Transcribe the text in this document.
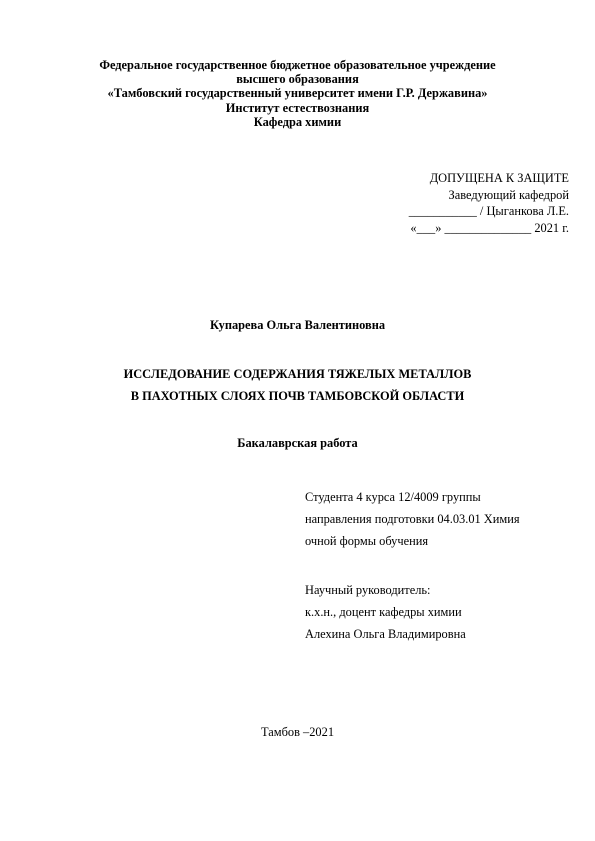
Федеральное государственное бюджетное образовательное учреждение
высшего образования
«Тамбовский государственный университет имени Г.Р. Державина»
Институт естествознания
Кафедра химии
ДОПУЩЕНА К ЗАЩИТЕ
Заведующий кафедрой
___________ / Цыганкова Л.Е.
«___» ______________ 2021 г.
Купарева Ольга Валентиновна
ИССЛЕДОВАНИЕ СОДЕРЖАНИЯ ТЯЖЕЛЫХ МЕТАЛЛОВ
В ПАХОТНЫХ СЛОЯХ ПОЧВ ТАМБОВСКОЙ ОБЛАСТИ
Бакалаврская работа
Студента 4 курса 12/4009 группы
направления подготовки 04.03.01 Химия
очной формы обучения
Научный руководитель:
к.х.н., доцент кафедры химии
Алехина Ольга Владимировна
Тамбов –2021
